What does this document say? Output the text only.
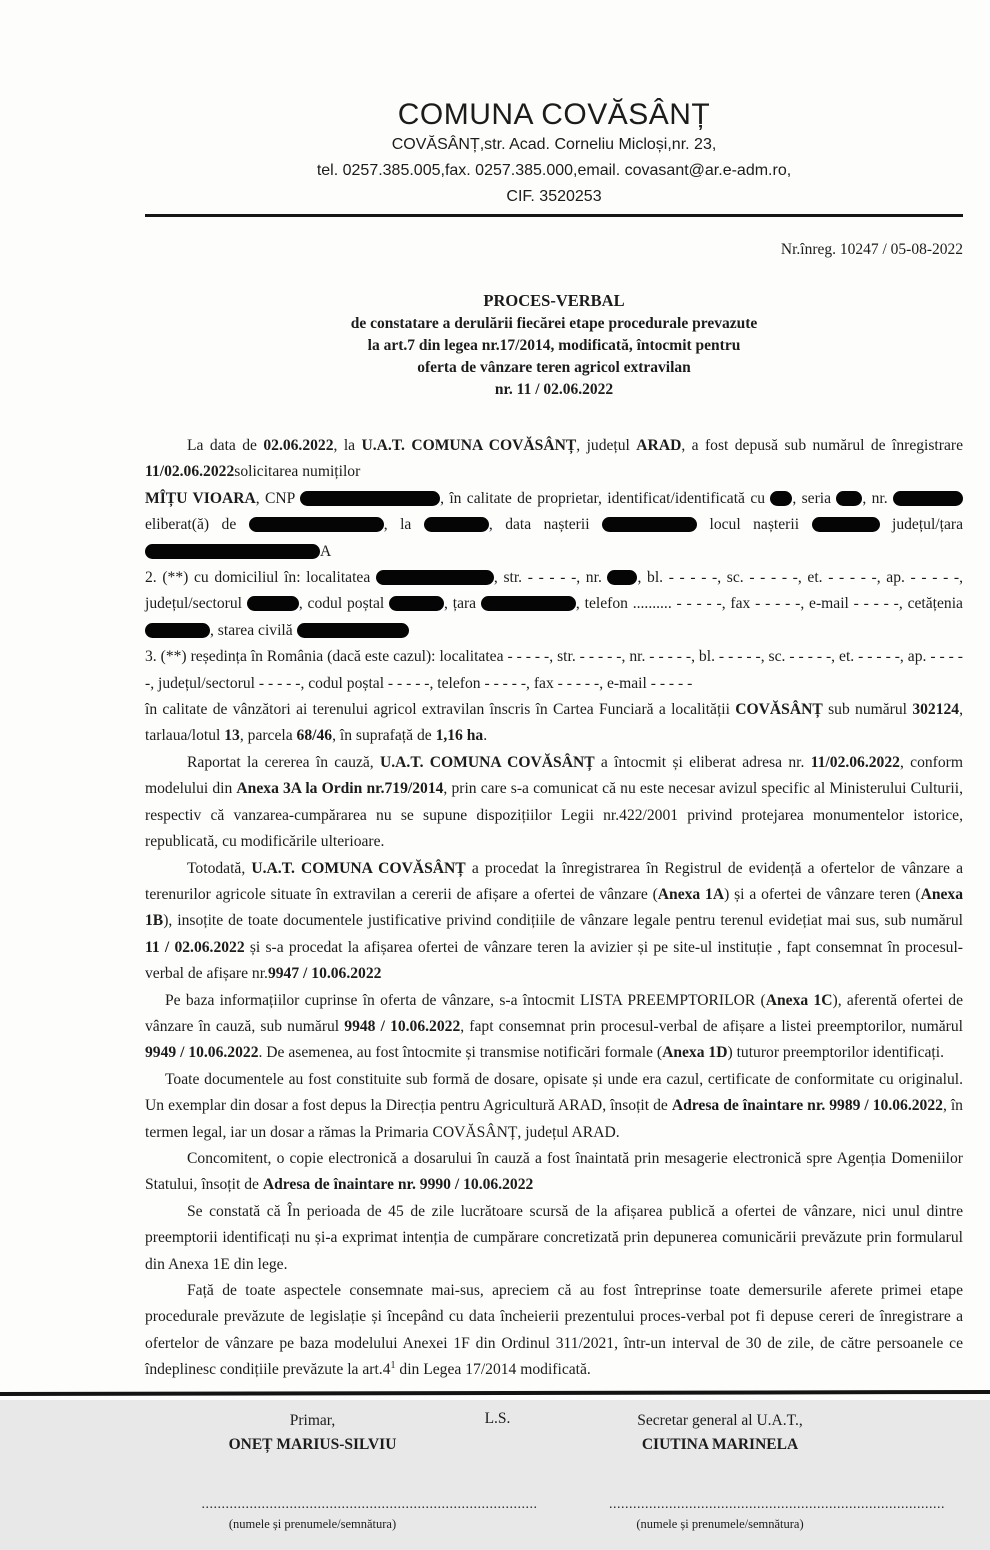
COMUNA COVĂSÂNȚ
COVĂSÂNȚ,str. Acad. Corneliu Micloși,nr. 23,
tel. 0257.385.005,fax. 0257.385.000,email. covasant@ar.e-adm.ro,
CIF. 3520253
Nr.înreg. 10247 / 05-08-2022
PROCES-VERBAL
de constatare a derulării fiecărei etape procedurale prevazute
la art.7 din legea nr.17/2014, modificată, întocmit pentru
oferta de vânzare teren agricol extravilan
nr. 11 / 02.06.2022

La data de 02.06.2022, la U.A.T. COMUNA COVĂSÂNȚ, județul ARAD, a fost depusă sub numărul de înregistrare 11/02.06.2022solicitarea numiților

MÎȚU VIOARA, CNP	, în calitate de proprietar, identificat/identificată cu , seria , nr.  eliberat(ă) de	, la	, data nașterii	locul nașterii	județul/țara A

2. (**) cu domiciliul în: localitatea	, str. - - - - -, nr. , bl. - - - - -, sc. - - - - -, et. - - - - -, ap. - - - - -, județul/sectorul	, codul poștal	, țara	, telefon .......... - - - - -, fax - - - - -, e-mail - - - - -, cetățenia , starea civilă

3. (**) reședința în România (dacă este cazul): localitatea - - - - -, str. - - - - -, nr. - - - - -, bl. - - - - -, sc. - - - - -, et. - - - - -, ap. - - - - -, județul/sectorul - - - - -, codul poștal - - - - -, telefon - - - - -, fax - - - - -, e-mail - - - - -

în calitate de vânzători ai terenului agricol extravilan înscris în Cartea Funciară a localității COVĂSÂNȚ sub numărul 302124, tarlaua/lotul 13, parcela 68/46, în suprafață de 1,16 ha.

Raportat la cererea în cauză, U.A.T. COMUNA COVĂSÂNȚ a întocmit și eliberat adresa nr. 11/02.06.2022, conform modelului din Anexa 3A la Ordin nr.719/2014, prin care s-a comunicat că nu este necesar avizul specific al Ministerului Culturii, respectiv că vanzarea-cumpărarea nu se supune dispozițiilor Legii nr.422/2001 privind protejarea monumentelor istorice, republicată, cu modificările ulterioare.

Totodată, U.A.T. COMUNA COVĂSÂNȚ a procedat la înregistrarea în Registrul de evidență a ofertelor de vânzare a terenurilor agricole situate în extravilan a cererii de afișare a ofertei de vânzare (Anexa 1A) și a ofertei de vânzare teren (Anexa 1B), insoțite de toate documentele justificative privind condițiile de vânzare legale pentru terenul evidețiat mai sus, sub numărul 11 / 02.06.2022 și s-a procedat la afișarea ofertei de vânzare teren la avizier și pe site-ul instituție , fapt consemnat în procesul-verbal de afișare nr.9947 / 10.06.2022

Pe baza informațiilor cuprinse în oferta de vânzare, s-a întocmit LISTA PREEMPTORILOR (Anexa 1C), aferentă ofertei de vânzare în cauză, sub numărul 9948 / 10.06.2022, fapt consemnat prin procesul-verbal de afișare a listei preemptorilor, numărul 9949 / 10.06.2022. De asemenea, au fost întocmite și transmise notificări formale (Anexa 1D) tuturor preemptorilor identificați.

Toate documentele au fost constituite sub formă de dosare, opisate și unde era cazul, certificate de conformitate cu originalul. Un exemplar din dosar a fost depus la Direcția pentru Agricultură ARAD, însoțit de Adresa de înaintare nr. 9989 / 10.06.2022, în termen legal, iar un dosar a rămas la Primaria COVĂSÂNȚ, județul ARAD.

Concomitent, o copie electronică a dosarului în cauză a fost înaintată prin mesagerie electronică spre Agenția Domeniilor Statului, însoțit de Adresa de înaintare nr. 9990 / 10.06.2022

Se constată că În perioada de 45 de zile lucrătoare scursă de la afișarea publică a ofertei de vânzare, nici unul dintre preemptorii identificați nu și-a exprimat intenția de cumpărare concretizată prin depunerea comunicării prevăzute prin formularul din Anexa 1E din lege.

Față de toate aspectele consemnate mai-sus, apreciem că au fost întreprinse toate demersurile aferete primei etape procedurale prevăzute de legislație și începând cu data încheierii prezentului proces-verbal pot fi depuse cereri de înregistrare a ofertelor de vânzare pe baza modelului Anexei 1F din Ordinul 311/2021, într-un interval de 30 de zile, de către persoanele ce îndeplinesc condițiile prevăzute la $art.4^1$ din Legea 17/2014 modificată.

Primar,
ONEȚ MARIUS-SILVIU
....................................................................................
(numele și prenumele/semnătura)
L.S.	Secretar general al U.A.T.,
CIUTINA MARINELA
....................................................................................
(numele și prenumele/semnătura)
